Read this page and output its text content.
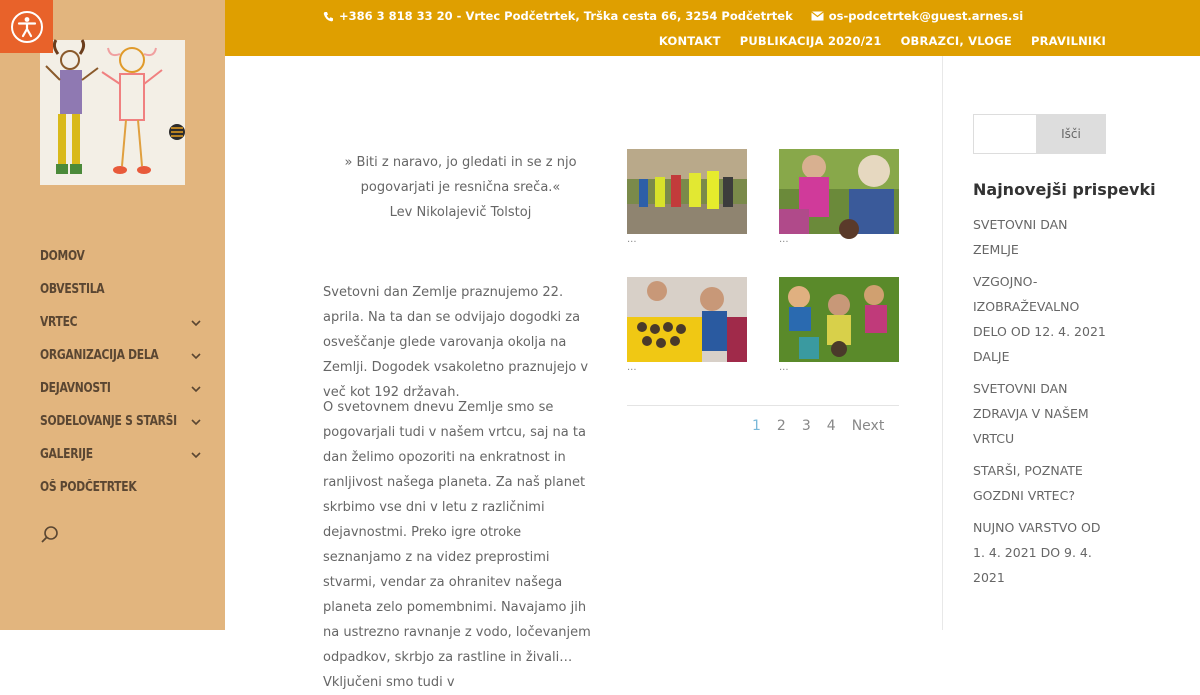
DOMOV
OBVESTILA
VRTEC
ORGANIZACIJA DELA
DEJAVNOSTI
SODELOVANJE S STARŠI
GALERIJE
OŠ PODČETRTEK
+386 3 818 33 20 - Vrtec Podčetrtek, Trška cesta 66, 3254 Podčetrtek	os-podcetrtek@guest.arnes.si
KONTAKT PUBLIKACIJA 2020/21 OBRAZCI, VLOGE PRAVILNIKI
» Biti z naravo, jo gledati in se z njo pogovarjati je resnična sreča.«
Lev Nikolajevič Tolstoj

Svetovni dan Zemlje praznujemo 22. aprila. Na ta dan se odvijajo dogodki za osveščanje glede varovanja okolja na Zemlji. Dogodek vsakoletno praznujejo v več kot 192 državah.

O svetovnem dnevu Zemlje smo se pogovarjali tudi v našem vrtcu, saj na ta dan želimo opozoriti na enkratnost in ranljivost našega planeta. Za naš planet skrbimo vse dni v letu z različnimi dejavnostmi. Preko igre otroke seznanjamo z na videz preprostimi stvarmi, vendar za ohranitev našega planeta zelo pomembnimi. Navajamo jih na ustrezno ravnanje z vodo, ločevanjem odpadkov, skrbjo za rastline in živali… Vključeni smo tudi v

...	...
...	...
1 2 3 4 Next
Išči
Najnovejši prispevki
SVETOVNI DAN ZEMLJE
VZGOJNO-IZOBRAŽEVALNO DELO OD 12. 4. 2021 DALJE
SVETOVNI DAN ZDRAVJA V NAŠEM VRTCU
STARŠI, POZNATE GOZDNI VRTEC?
NUJNO VARSTVO OD 1. 4. 2021 DO 9. 4. 2021
